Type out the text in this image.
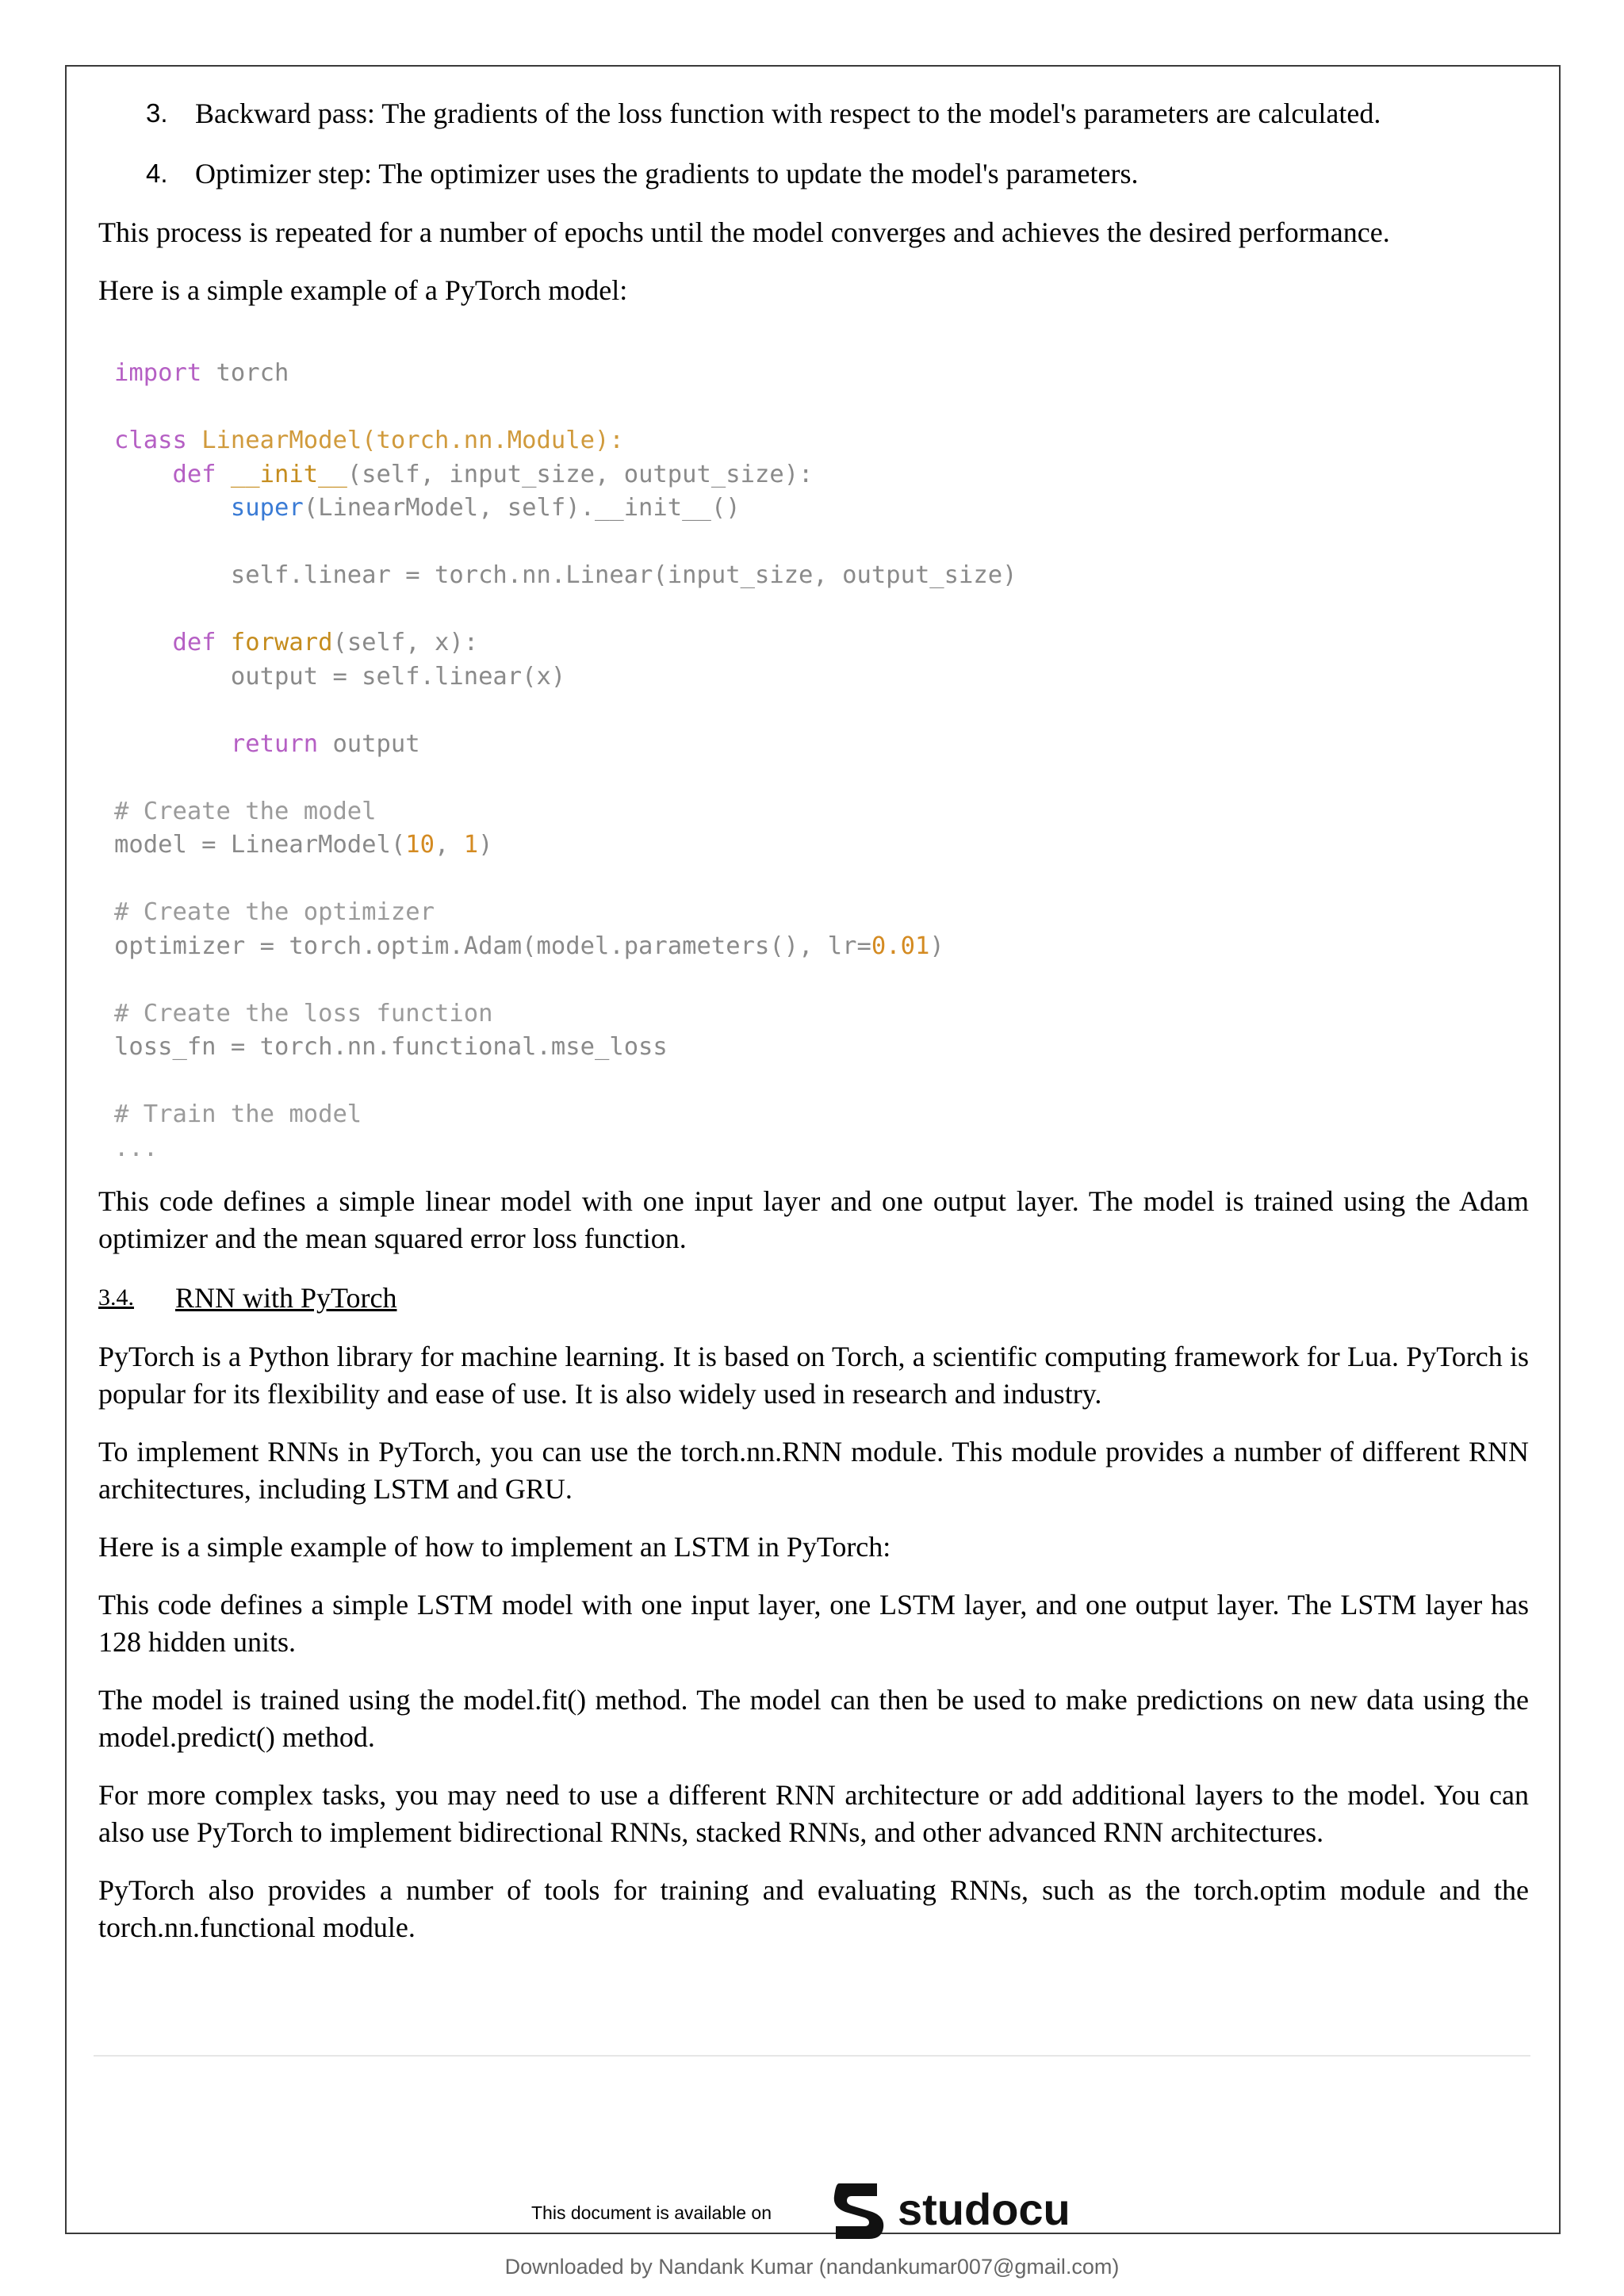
3. Backward pass: The gradients of the loss function with respect to the model's parameters are calculated.
4. Optimizer step: The optimizer uses the gradients to update the model's parameters.

This process is repeated for a number of epochs until the model converges and achieves the desired performance.

Here is a simple example of a PyTorch model:

import torch

class LinearModel(torch.nn.Module):
def __init__(self, input_size, output_size):
super(LinearModel, self).__init__()

self.linear = torch.nn.Linear(input_size, output_size)

def forward(self, x):
output = self.linear(x)

return output

# Create the model
model = LinearModel(10, 1)

# Create the optimizer
optimizer = torch.optim.Adam(model.parameters(), lr=0.01)

# Create the loss function
loss_fn = torch.nn.functional.mse_loss

# Train the model
...

This code defines a simple linear model with one input layer and one output layer. The model is trained using the Adam optimizer and the mean squared error loss function.

3.4.	RNN with PyTorch

PyTorch is a Python library for machine learning. It is based on Torch, a scientific computing framework for Lua. PyTorch is popular for its flexibility and ease of use. It is also widely used in research and industry.

To implement RNNs in PyTorch, you can use the torch.nn.RNN module. This module provides a number of different RNN architectures, including LSTM and GRU.

Here is a simple example of how to implement an LSTM in PyTorch:

This code defines a simple LSTM model with one input layer, one LSTM layer, and one output layer. The LSTM layer has 128 hidden units.

The model is trained using the model.fit() method. The model can then be used to make predictions on new data using the model.predict() method.

For more complex tasks, you may need to use a different RNN architecture or add additional layers to the model. You can also use PyTorch to implement bidirectional RNNs, stacked RNNs, and other advanced RNN architectures.

PyTorch also provides a number of tools for training and evaluating RNNs, such as the torch.optim module and the torch.nn.functional module.

This document is available on	studocu
Downloaded by Nandank Kumar (nandankumar007@gmail.com)
